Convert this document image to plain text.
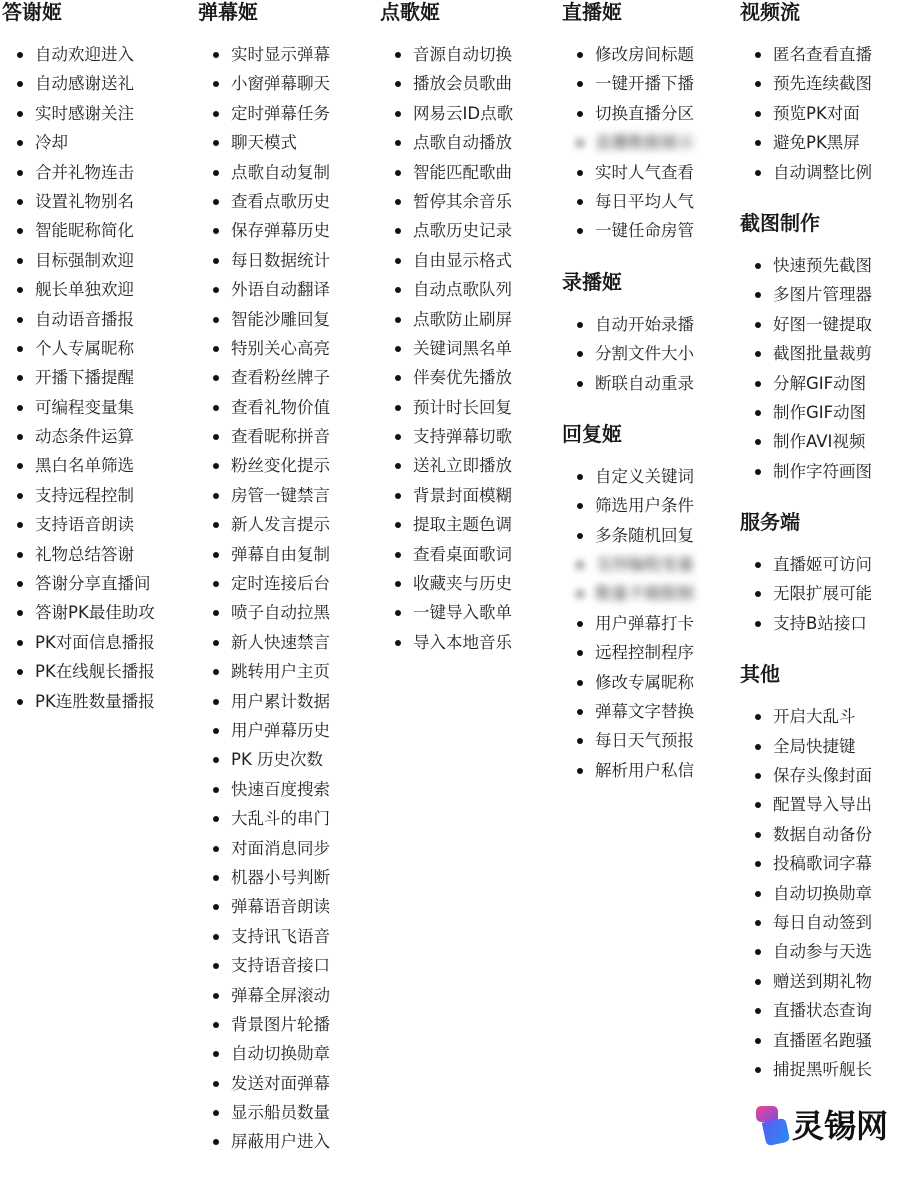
答谢姬
自动欢迎进入
自动感谢送礼
实时感谢关注
冷却
合并礼物连击
设置礼物别名
智能昵称简化
目标强制欢迎
舰长单独欢迎
自动语音播报
个人专属昵称
开播下播提醒
可编程变量集
动态条件运算
黑白名单筛选
支持远程控制
支持语音朗读
礼物总结答谢
答谢分享直播间
答谢PK最佳助攻
PK对面信息播报
PK在线舰长播报
PK连胜数量播报
弹幕姬
实时显示弹幕
小窗弹幕聊天
定时弹幕任务
聊天模式
点歌自动复制
查看点歌历史
保存弹幕历史
每日数据统计
外语自动翻译
智能沙雕回复
特别关心高亮
查看粉丝牌子
查看礼物价值
查看昵称拼音
粉丝变化提示
房管一键禁言
新人发言提示
弹幕自由复制
定时连接后台
喷子自动拉黑
新人快速禁言
跳转用户主页
用户累计数据
用户弹幕历史
PK 历史次数
快速百度搜索
大乱斗的串门
对面消息同步
机器小号判断
弹幕语音朗读
支持讯飞语音
支持语音接口
弹幕全屏滚动
背景图片轮播
自动切换勋章
发送对面弹幕
显示船员数量
屏蔽用户进入
点歌姬
音源自动切换
播放会员歌曲
网易云ID点歌
点歌自动播放
智能匹配歌曲
暂停其余音乐
点歌历史记录
自由显示格式
自动点歌队列
点歌防止刷屏
关键词黑名单
伴奏优先播放
预计时长回复
支持弹幕切歌
送礼立即播放
背景封面模糊
提取主题色调
查看桌面歌词
收藏夹与历史
一键导入歌单
导入本地音乐
直播姬
修改房间标题
一键开播下播
切换直播分区
直播数据展示
实时人气查看
每日平均人气
一键任命房管
录播姬
自动开始录播
分割文件大小
断联自动重录
回复姬
自定义关键词
筛选用户条件
多条随机回复
支持编程变量
数量不做限制
用户弹幕打卡
远程控制程序
修改专属昵称
弹幕文字替换
每日天气预报
解析用户私信
视频流
匿名查看直播
预先连续截图
预览PK对面
避免PK黑屏
自动调整比例
截图制作
快速预先截图
多图片管理器
好图一键提取
截图批量裁剪
分解GIF动图
制作GIF动图
制作AVI视频
制作字符画图
服务端
直播姬可访问
无限扩展可能
支持B站接口
其他
开启大乱斗
全局快捷键
保存头像封面
配置导入导出
数据自动备份
投稿歌词字幕
自动切换勋章
每日自动签到
自动参与天选
赠送到期礼物
直播状态查询
直播匿名跑骚
捕捉黑听舰长
灵锡网
